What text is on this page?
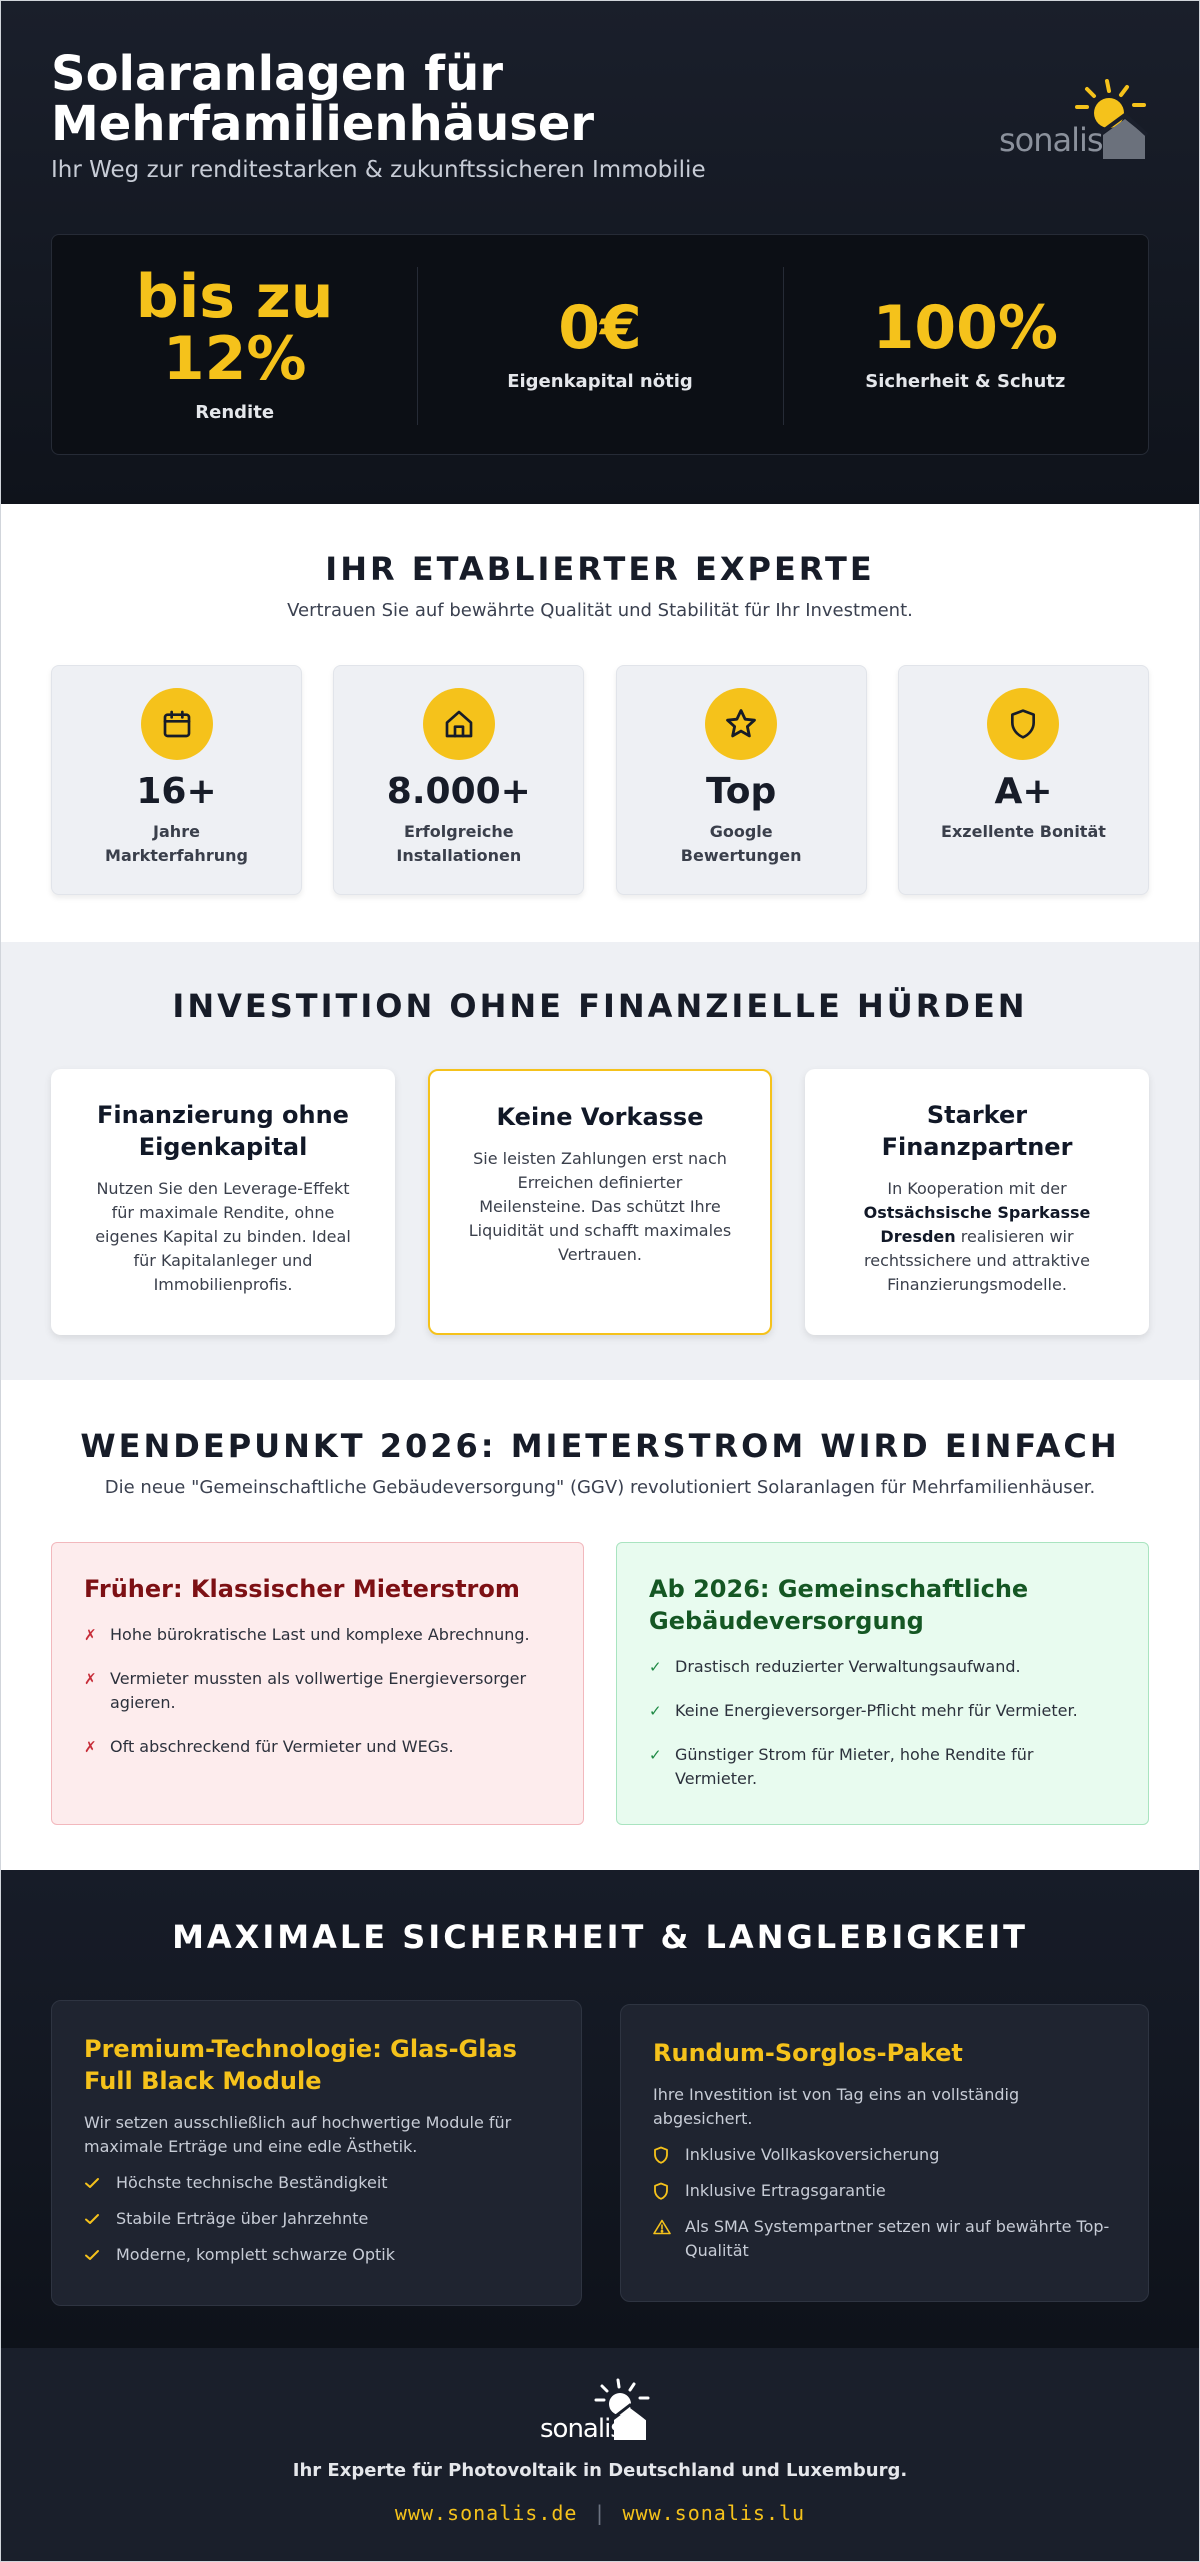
Solaranlagen für Mehrfamilienhäuser

Ihr Weg zur renditestarken & zukunftssicheren Immobilie

sonalis
bis zu 12%
Rendite
0€
Eigenkapital nötig
100%
Sicherheit & Schutz
IHR ETABLIERTER EXPERTE

Vertrauen Sie auf bewährte Qualität und Stabilität für Ihr Investment.

16+
Jahre Markterfahrung
8.000+
Erfolgreiche Installationen
Top
Google Bewertungen
A+
Exzellente Bonität
INVESTITION OHNE FINANZIELLE HÜRDEN
Finanzierung ohne Eigenkapital
Nutzen Sie den Leverage-Effekt für maximale Rendite, ohne eigenes Kapital zu binden. Ideal für Kapitalanleger und Immobilienprofis.
Keine Vorkasse
Sie leisten Zahlungen erst nach Erreichen definierter Meilensteine. Das schützt Ihre Liquidität und schafft maximales Vertrauen.
Starker Finanzpartner
In Kooperation mit der Ostsächsische Sparkasse Dresden realisieren wir rechtssichere und attraktive Finanzierungsmodelle.
WENDEPUNKT 2026: MIETERSTROM WIRD EINFACH

Die neue "Gemeinschaftliche Gebäudeversorgung" (GGV) revolutioniert Solaranlagen für Mehrfamilienhäuser.

Früher: Klassischer Mieterstrom
✗ Hohe bürokratische Last und komplexe Abrechnung.
✗ Vermieter mussten als vollwertige Energieversorger agieren.
✗ Oft abschreckend für Vermieter und WEGs.
Ab 2026: Gemeinschaftliche Gebäudeversorgung
✓ Drastisch reduzierter Verwaltungsaufwand.
✓ Keine Energieversorger-Pflicht mehr für Vermieter.
✓ Günstiger Strom für Mieter, hohe Rendite für Vermieter.
MAXIMALE SICHERHEIT & LANGLEBIGKEIT
Premium-Technologie: Glas-Glas Full Black Module
Wir setzen ausschließlich auf hochwertige Module für maximale Erträge und eine edle Ästhetik.
Höchste technische Beständigkeit
Stabile Erträge über Jahrzehnte
Moderne, komplett schwarze Optik
Rundum-Sorglos-Paket
Ihre Investition ist von Tag eins an vollständig abgesichert.
Inklusive Vollkaskoversicherung
Inklusive Ertragsgarantie
Als SMA Systempartner setzen wir auf bewährte Top-Qualität
sonalis
Ihr Experte für Photovoltaik in Deutschland und Luxemburg.
www.sonalis.de | www.sonalis.lu
